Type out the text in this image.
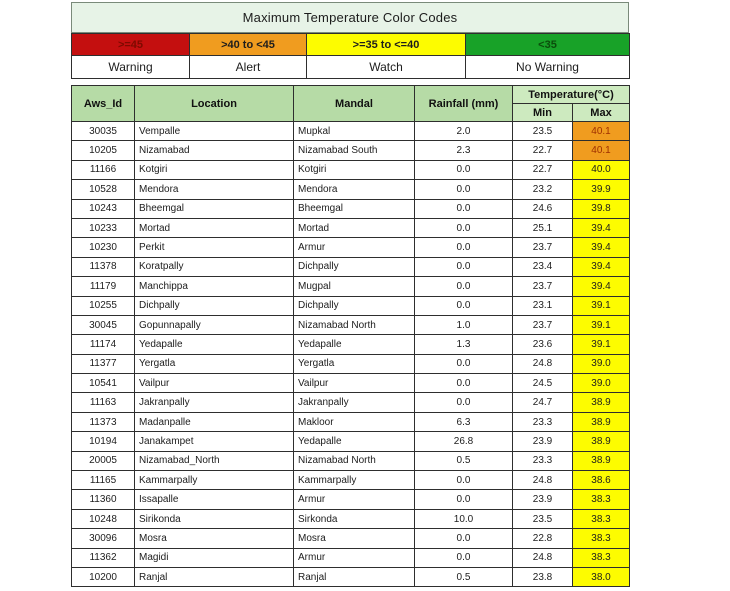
Maximum Temperature Color Codes
>=45	>40 to <45	>=35 to <=40	<35
Warning	Alert	Watch	No Warning
Aws_Id	Location	Mandal	Rainfall (mm)	Temperature(°C)	
				Min	Max
30035	Vempalle	Mupkal	2.0	23.5	40.1
10205	Nizamabad	Nizamabad South	2.3	22.7	40.1
11166	Kotgiri	Kotgiri	0.0	22.7	40.0
10528	Mendora	Mendora	0.0	23.2	39.9
10243	Bheemgal	Bheemgal	0.0	24.6	39.8
10233	Mortad	Mortad	0.0	25.1	39.4
10230	Perkit	Armur	0.0	23.7	39.4
11378	Koratpally	Dichpally	0.0	23.4	39.4
11179	Manchippa	Mugpal	0.0	23.7	39.4
10255	Dichpally	Dichpally	0.0	23.1	39.1
30045	Gopunnapally	Nizamabad North	1.0	23.7	39.1
11174	Yedapalle	Yedapalle	1.3	23.6	39.1
11377	Yergatla	Yergatla	0.0	24.8	39.0
10541	Vailpur	Vailpur	0.0	24.5	39.0
11163	Jakranpally	Jakranpally	0.0	24.7	38.9
11373	Madanpalle	Makloor	6.3	23.3	38.9
10194	Janakampet	Yedapalle	26.8	23.9	38.9
20005	Nizamabad_North	Nizamabad North	0.5	23.3	38.9
11165	Kammarpally	Kammarpally	0.0	24.8	38.6
11360	Issapalle	Armur	0.0	23.9	38.3
10248	Sirikonda	Sirkonda	10.0	23.5	38.3
30096	Mosra	Mosra	0.0	22.8	38.3
11362	Magidi	Armur	0.0	24.8	38.3
10200	Ranjal	Ranjal	0.5	23.8	38.0
